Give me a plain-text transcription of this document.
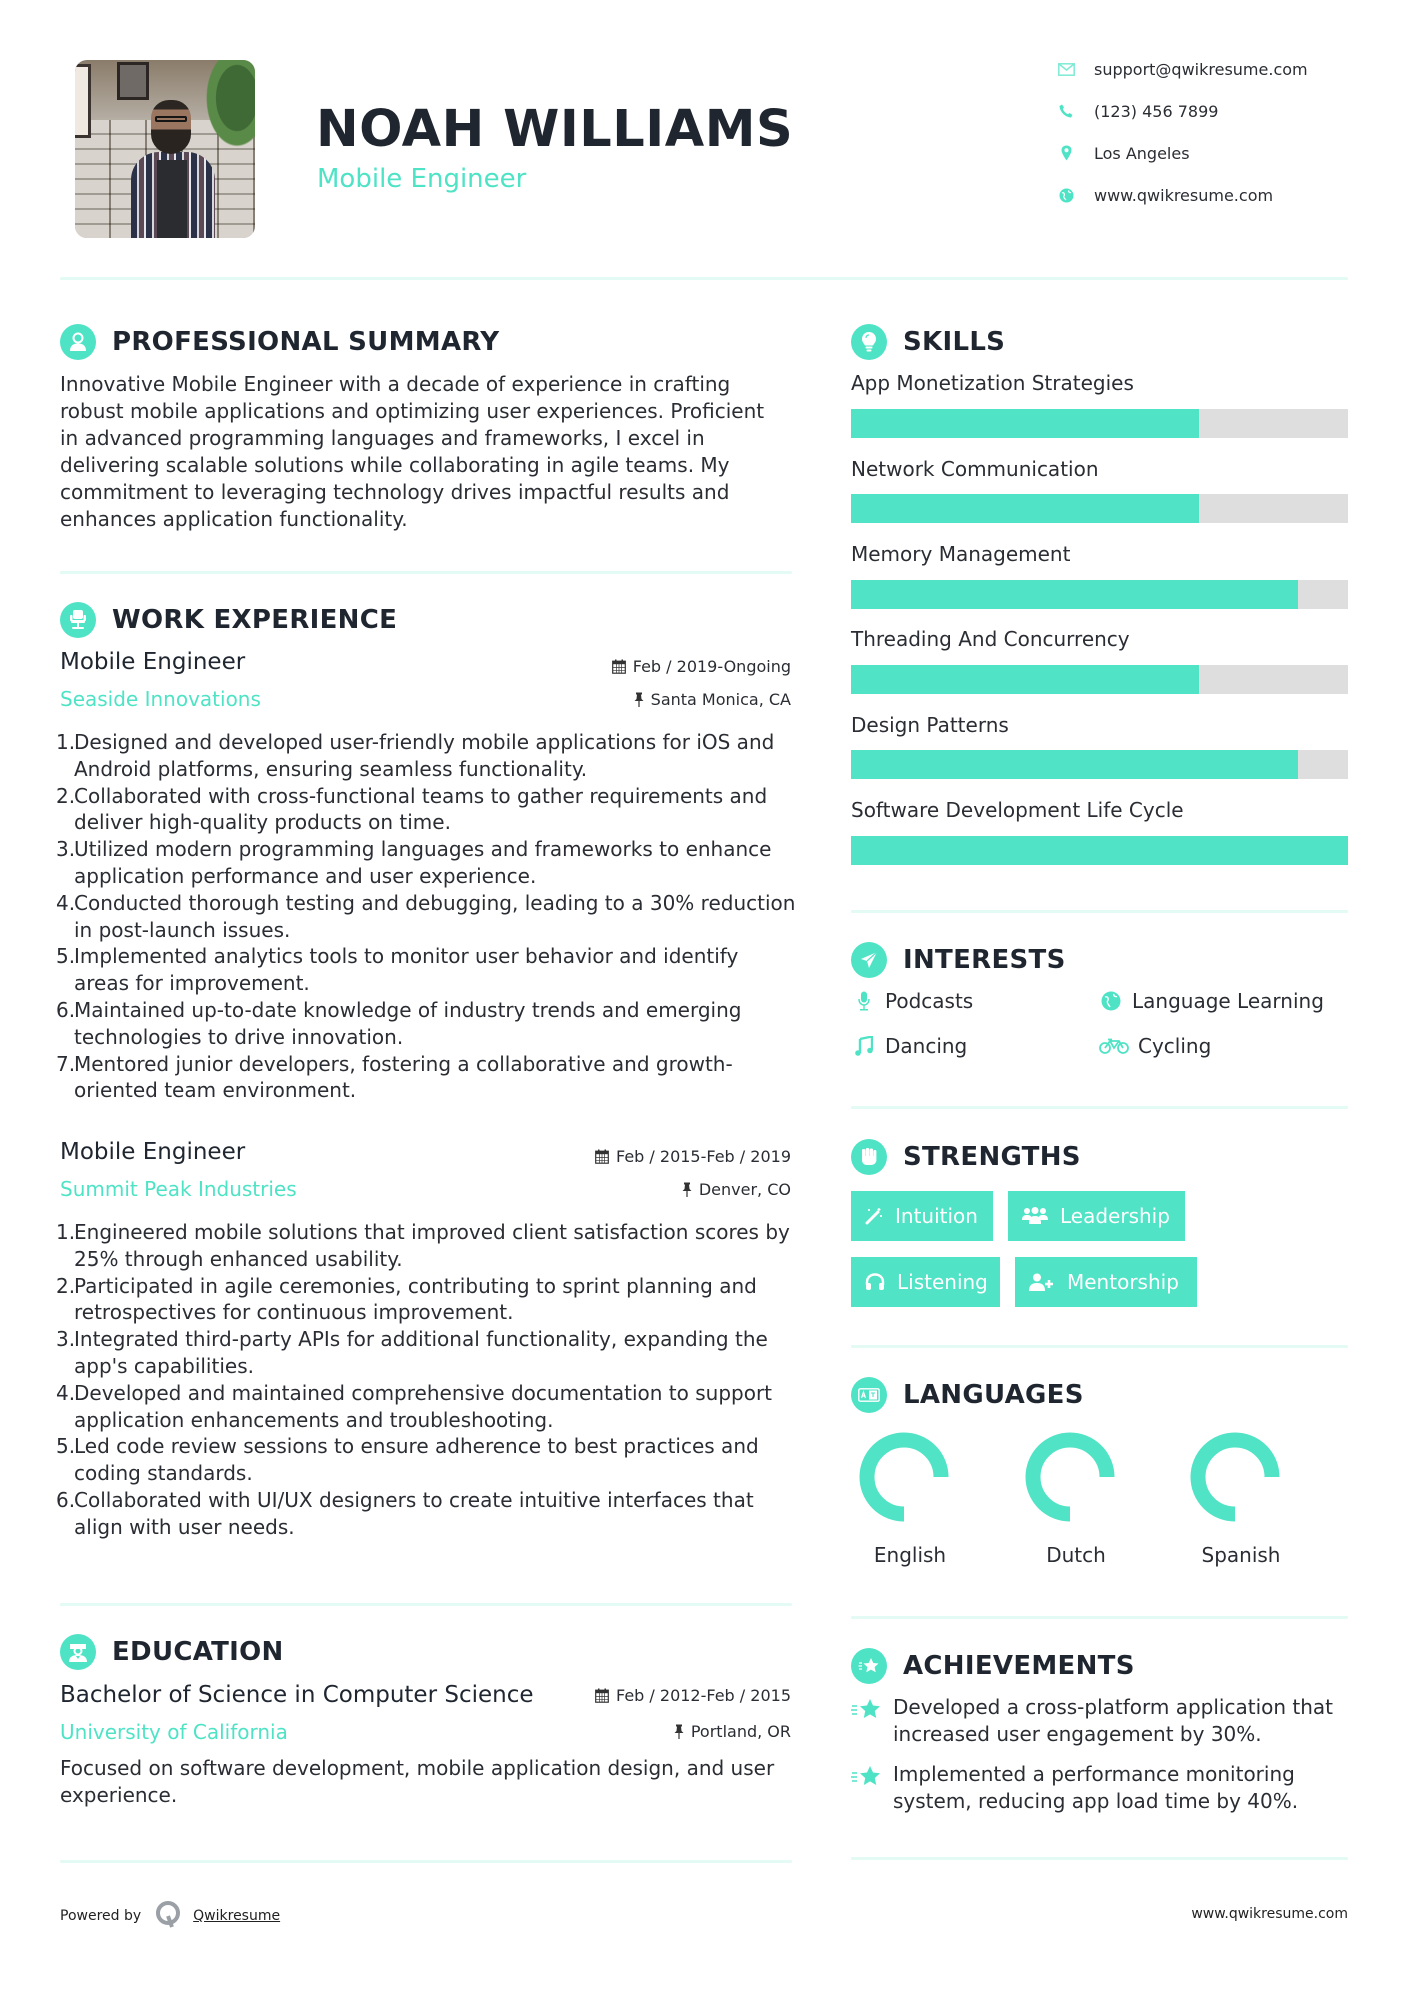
NOAH WILLIAMS
Mobile Engineer
support@qwikresume.com
(123) 456 7899
Los Angeles
www.qwikresume.com
PROFESSIONAL SUMMARY
Innovative Mobile Engineer with a decade of experience in crafting robust mobile applications and optimizing user experiences. Proficient in advanced programming languages and frameworks, I excel in delivering scalable solutions while collaborating in agile teams. My commitment to leveraging technology drives impactful results and enhances application functionality.
WORK EXPERIENCE
Mobile Engineer	Feb / 2019-Ongoing
Seaside Innovations	Santa Monica, CA
1.
Designed and developed user-friendly mobile applications for iOS and Android platforms, ensuring seamless functionality.
2.
Collaborated with cross-functional teams to gather requirements and deliver high-quality products on time.
3.
Utilized modern programming languages and frameworks to enhance application performance and user experience.
4.
Conducted thorough testing and debugging, leading to a 30% reduction in post-launch issues.
5.
Implemented analytics tools to monitor user behavior and identify areas for improvement.
6.
Maintained up-to-date knowledge of industry trends and emerging technologies to drive innovation.
7.
Mentored junior developers, fostering a collaborative and growth-oriented team environment.
Mobile Engineer	Feb / 2015-Feb / 2019
Summit Peak Industries	Denver, CO
1.
Engineered mobile solutions that improved client satisfaction scores by 25% through enhanced usability.
2.
Participated in agile ceremonies, contributing to sprint planning and retrospectives for continuous improvement.
3.
Integrated third-party APIs for additional functionality, expanding the app's capabilities.
4.
Developed and maintained comprehensive documentation to support application enhancements and troubleshooting.
5.
Led code review sessions to ensure adherence to best practices and coding standards.
6.
Collaborated with UI/UX designers to create intuitive interfaces that align with user needs.
EDUCATION
Bachelor of Science in Computer Science	Feb / 2012-Feb / 2015
University of California	Portland, OR
Focused on software development, mobile application design, and user experience.
SKILLS
App Monetization Strategies
Network Communication
Memory Management
Threading And Concurrency
Design Patterns
Software Development Life Cycle
INTERESTS
Podcasts	Language Learning
Dancing	Cycling
STRENGTHS
Intuition	Leadership
Listening	Mentorship
LANGUAGES
English	Dutch	Spanish
ACHIEVEMENTS
Developed a cross-platform application that increased user engagement by 30%.
Implemented a performance monitoring system, reducing app load time by 40%.
Powered by	Qwikresume	www.qwikresume.com
